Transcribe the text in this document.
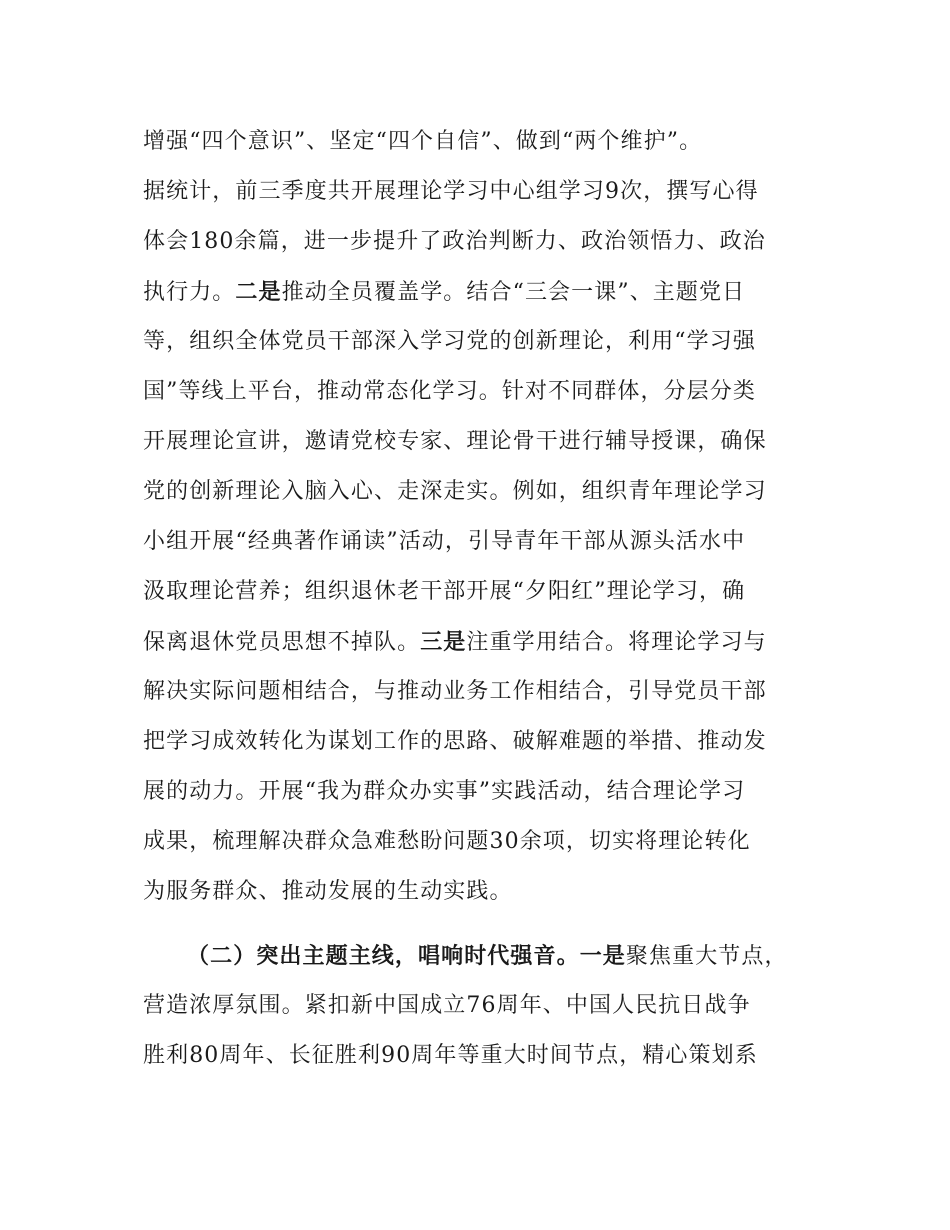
增强“四个意识”、坚定“四个自信”、做到“两个维护”。
据统计，前三季度共开展理论学习中心组学习9次，撰写心得
体会180余篇，进一步提升了政治判断力、政治领悟力、政治
执行力。二是推动全员覆盖学。结合“三会一课”、主题党日
等，组织全体党员干部深入学习党的创新理论，利用“学习强
国”等线上平台，推动常态化学习。针对不同群体，分层分类
开展理论宣讲，邀请党校专家、理论骨干进行辅导授课，确保
党的创新理论入脑入心、走深走实。例如，组织青年理论学习
小组开展“经典著作诵读”活动，引导青年干部从源头活水中
汲取理论营养；组织退休老干部开展“夕阳红”理论学习，确
保离退休党员思想不掉队。三是注重学用结合。将理论学习与
解决实际问题相结合，与推动业务工作相结合，引导党员干部
把学习成效转化为谋划工作的思路、破解难题的举措、推动发
展的动力。开展“我为群众办实事”实践活动，结合理论学习
成果，梳理解决群众急难愁盼问题30余项，切实将理论转化
为服务群众、推动发展的生动实践。
（二）突出主题主线，唱响时代强音。一是聚焦重大节点，
营造浓厚氛围。紧扣新中国成立76周年、中国人民抗日战争
胜利80周年、长征胜利90周年等重大时间节点，精心策划系
